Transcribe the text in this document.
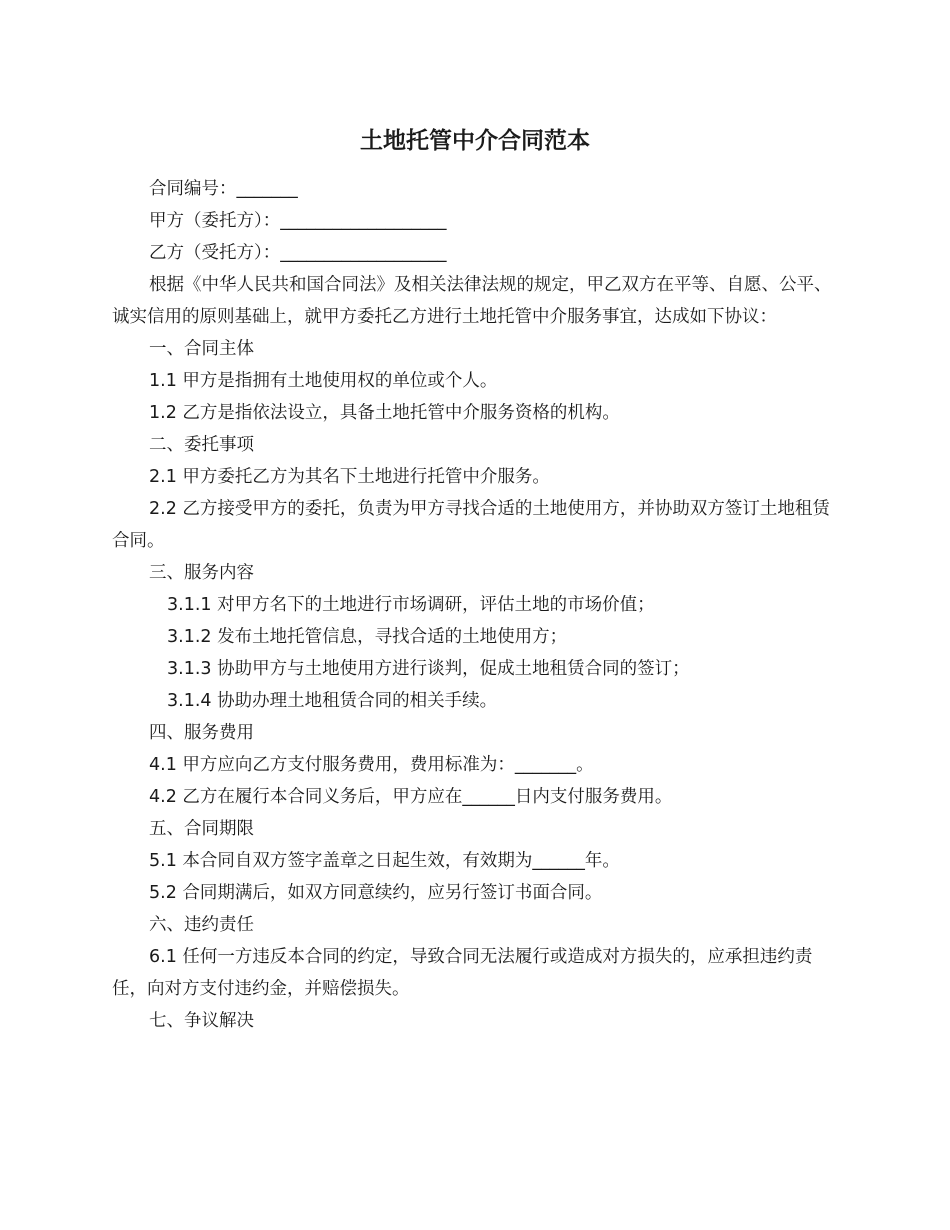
土地托管中介合同范本

合同编号：_______

甲方（委托方）：___________________

乙方（受托方）：___________________

根据《中华人民共和国合同法》及相关法律法规的规定，甲乙双方在平等、自愿、公平、诚实信用的原则基础上，就甲方委托乙方进行土地托管中介服务事宜，达成如下协议：

一、合同主体

1.1 甲方是指拥有土地使用权的单位或个人。

1.2 乙方是指依法设立，具备土地托管中介服务资格的机构。

二、委托事项

2.1 甲方委托乙方为其名下土地进行托管中介服务。

2.2 乙方接受甲方的委托，负责为甲方寻找合适的土地使用方，并协助双方签订土地租赁合同。

三、服务内容

3.1.1 对甲方名下的土地进行市场调研，评估土地的市场价值；

3.1.2 发布土地托管信息，寻找合适的土地使用方；

3.1.3 协助甲方与土地使用方进行谈判，促成土地租赁合同的签订；

3.1.4 协助办理土地租赁合同的相关手续。

四、服务费用

4.1 甲方应向乙方支付服务费用，费用标准为：_______。

4.2 乙方在履行本合同义务后，甲方应在______日内支付服务费用。

五、合同期限

5.1 本合同自双方签字盖章之日起生效，有效期为______年。

5.2 合同期满后，如双方同意续约，应另行签订书面合同。

六、违约责任

6.1 任何一方违反本合同的约定，导致合同无法履行或造成对方损失的，应承担违约责任，向对方支付违约金，并赔偿损失。

七、争议解决
